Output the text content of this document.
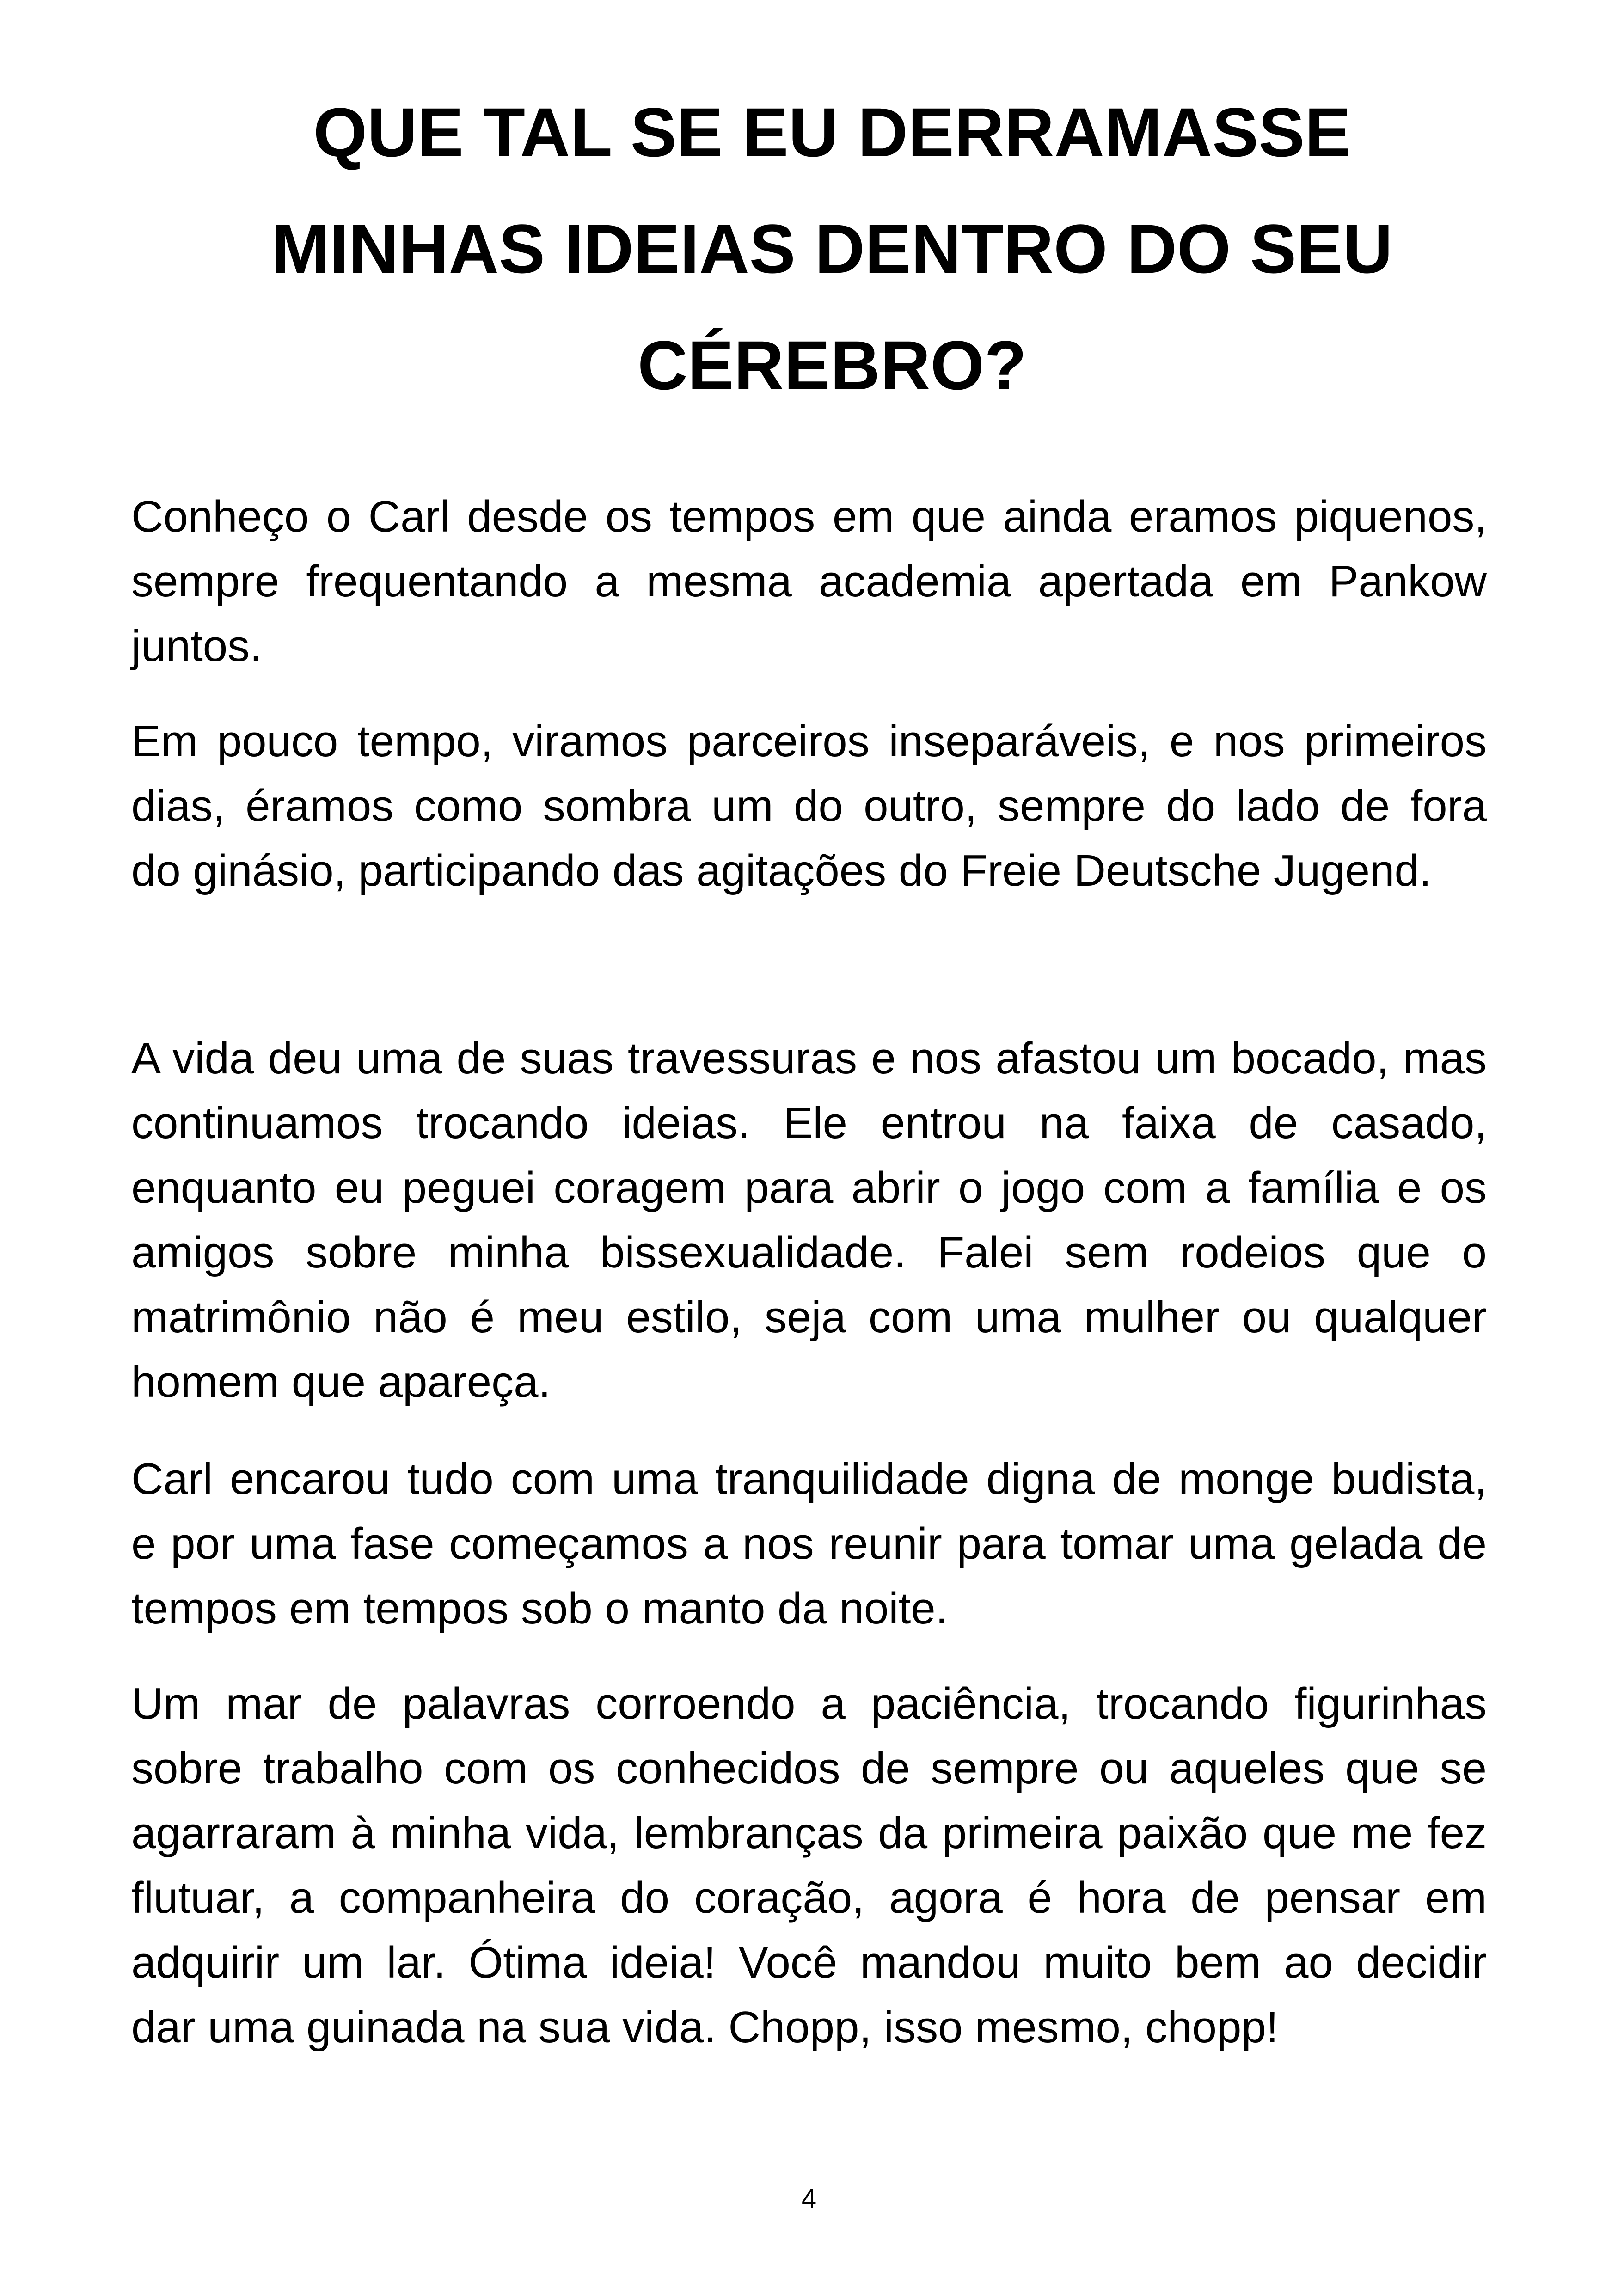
QUE TAL SE EU DERRAMASSE
MINHAS IDEIAS DENTRO DO SEU
CÉREBRO?

Conheço o Carl desde os tempos em que ainda eramos piquenos,
sempre frequentando a mesma academia apertada em Pankow
juntos.

Em pouco tempo, viramos parceiros inseparáveis, e nos primeiros
dias, éramos como sombra um do outro, sempre do lado de fora
do ginásio, participando das agitações do Freie Deutsche Jugend.

A vida deu uma de suas travessuras e nos afastou um bocado, mas
continuamos trocando ideias. Ele entrou na faixa de casado,
enquanto eu peguei coragem para abrir o jogo com a família e os
amigos sobre minha bissexualidade. Falei sem rodeios que o
matrimônio não é meu estilo, seja com uma mulher ou qualquer
homem que apareça.

Carl encarou tudo com uma tranquilidade digna de monge budista,
e por uma fase começamos a nos reunir para tomar uma gelada de
tempos em tempos sob o manto da noite.

Um mar de palavras corroendo a paciência, trocando figurinhas
sobre trabalho com os conhecidos de sempre ou aqueles que se
agarraram à minha vida, lembranças da primeira paixão que me fez
flutuar, a companheira do coração, agora é hora de pensar em
adquirir um lar. Ótima ideia! Você mandou muito bem ao decidir
dar uma guinada na sua vida. Chopp, isso mesmo, chopp!

4
